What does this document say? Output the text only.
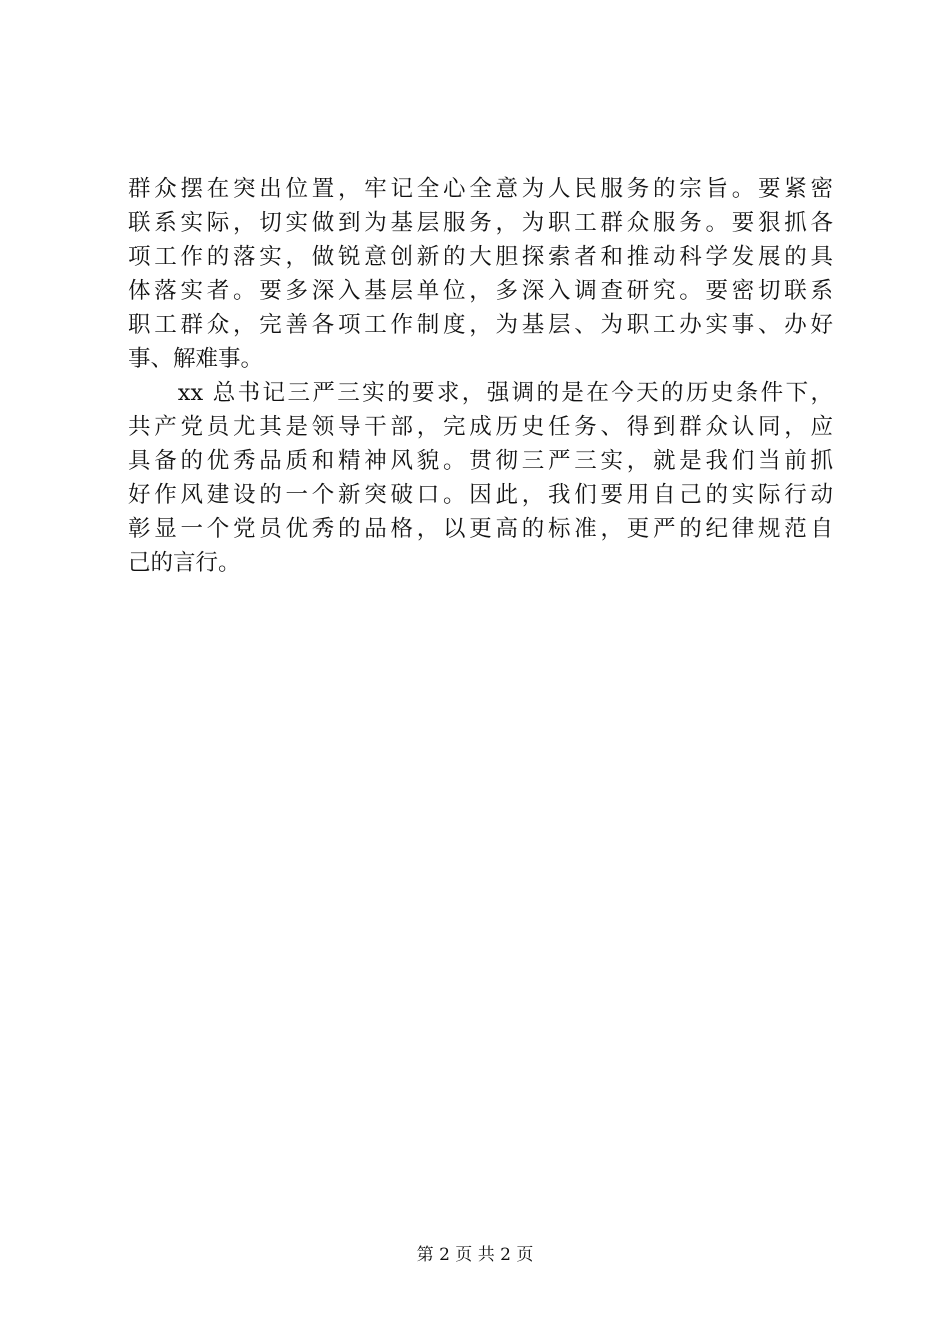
群众摆在突出位置，牢记全心全意为人民服务的宗旨。要紧密
联系实际，切实做到为基层服务，为职工群众服务。要狠抓各
项工作的落实，做锐意创新的大胆探索者和推动科学发展的具
体落实者。要多深入基层单位，多深入调查研究。要密切联系
职工群众，完善各项工作制度，为基层、为职工办实事、办好
事、解难事。
　　xx 总书记三严三实的要求，强调的是在今天的历史条件下，
共产党员尤其是领导干部，完成历史任务、得到群众认同，应
具备的优秀品质和精神风貌。贯彻三严三实，就是我们当前抓
好作风建设的一个新突破口。因此，我们要用自己的实际行动
彰显一个党员优秀的品格，以更高的标准，更严的纪律规范自
己的言行。
第 2 页 共 2 页
